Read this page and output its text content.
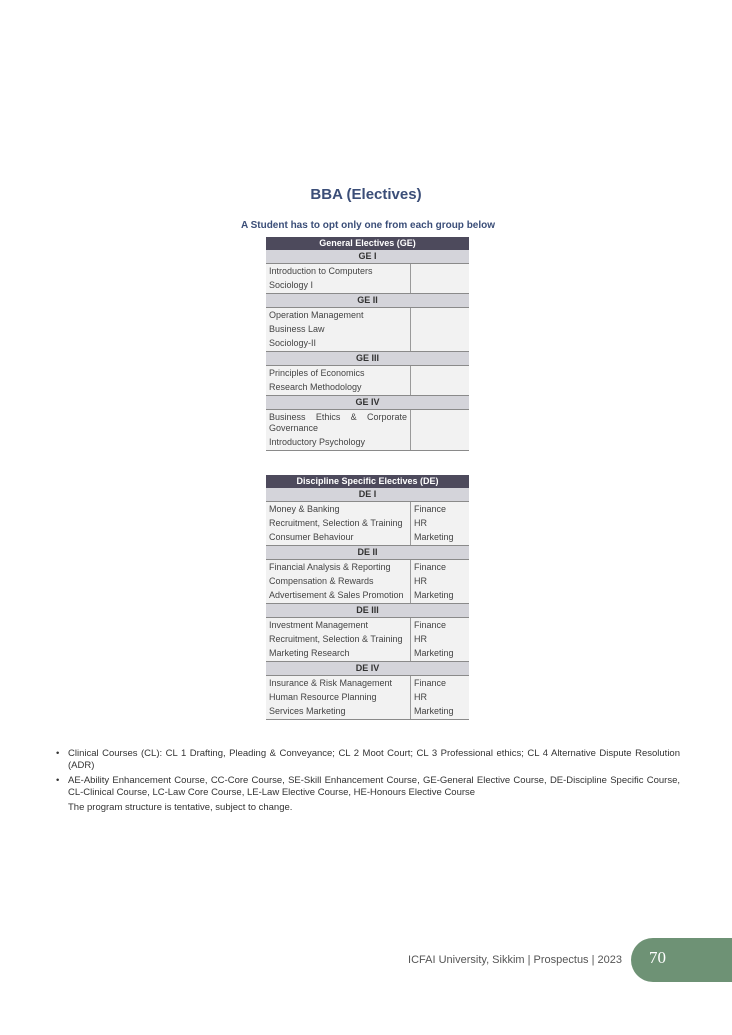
BBA (Electives)
A Student has to opt only one from each group below
General Electives (GE)
GE I
Introduction to Computers
Sociology I
GE II
Operation Management
Business Law
Sociology-II
GE III
Principles of Economics
Research Methodology
GE IV
Business Ethics & Corporate Governance
Introductory Psychology
Discipline Specific Electives (DE)
DE I
Money & Banking
Recruitment, Selection & Training
Consumer Behaviour
Finance
HR
Marketing
DE II
Financial Analysis & Reporting
Compensation & Rewards
Advertisement & Sales Promotion
Finance
HR
Marketing
DE III
Investment Management
Recruitment, Selection & Training
Marketing Research
Finance
HR
Marketing
DE IV
Insurance & Risk Management
Human Resource Planning
Services Marketing
Finance
HR
Marketing
• Clinical Courses (CL): CL 1 Drafting, Pleading & Conveyance; CL 2 Moot Court; CL 3 Professional ethics; CL 4 Alternative Dispute Resolution (ADR)
• AE-Ability Enhancement Course, CC-Core Course, SE-Skill Enhancement Course, GE-General Elective Course, DE-Discipline Specific Course, CL-Clinical Course, LC-Law Core Course, LE-Law Elective Course, HE-Honours Elective Course
The program structure is tentative, subject to change.
ICFAI University, Sikkim | Prospectus | 2023 70
